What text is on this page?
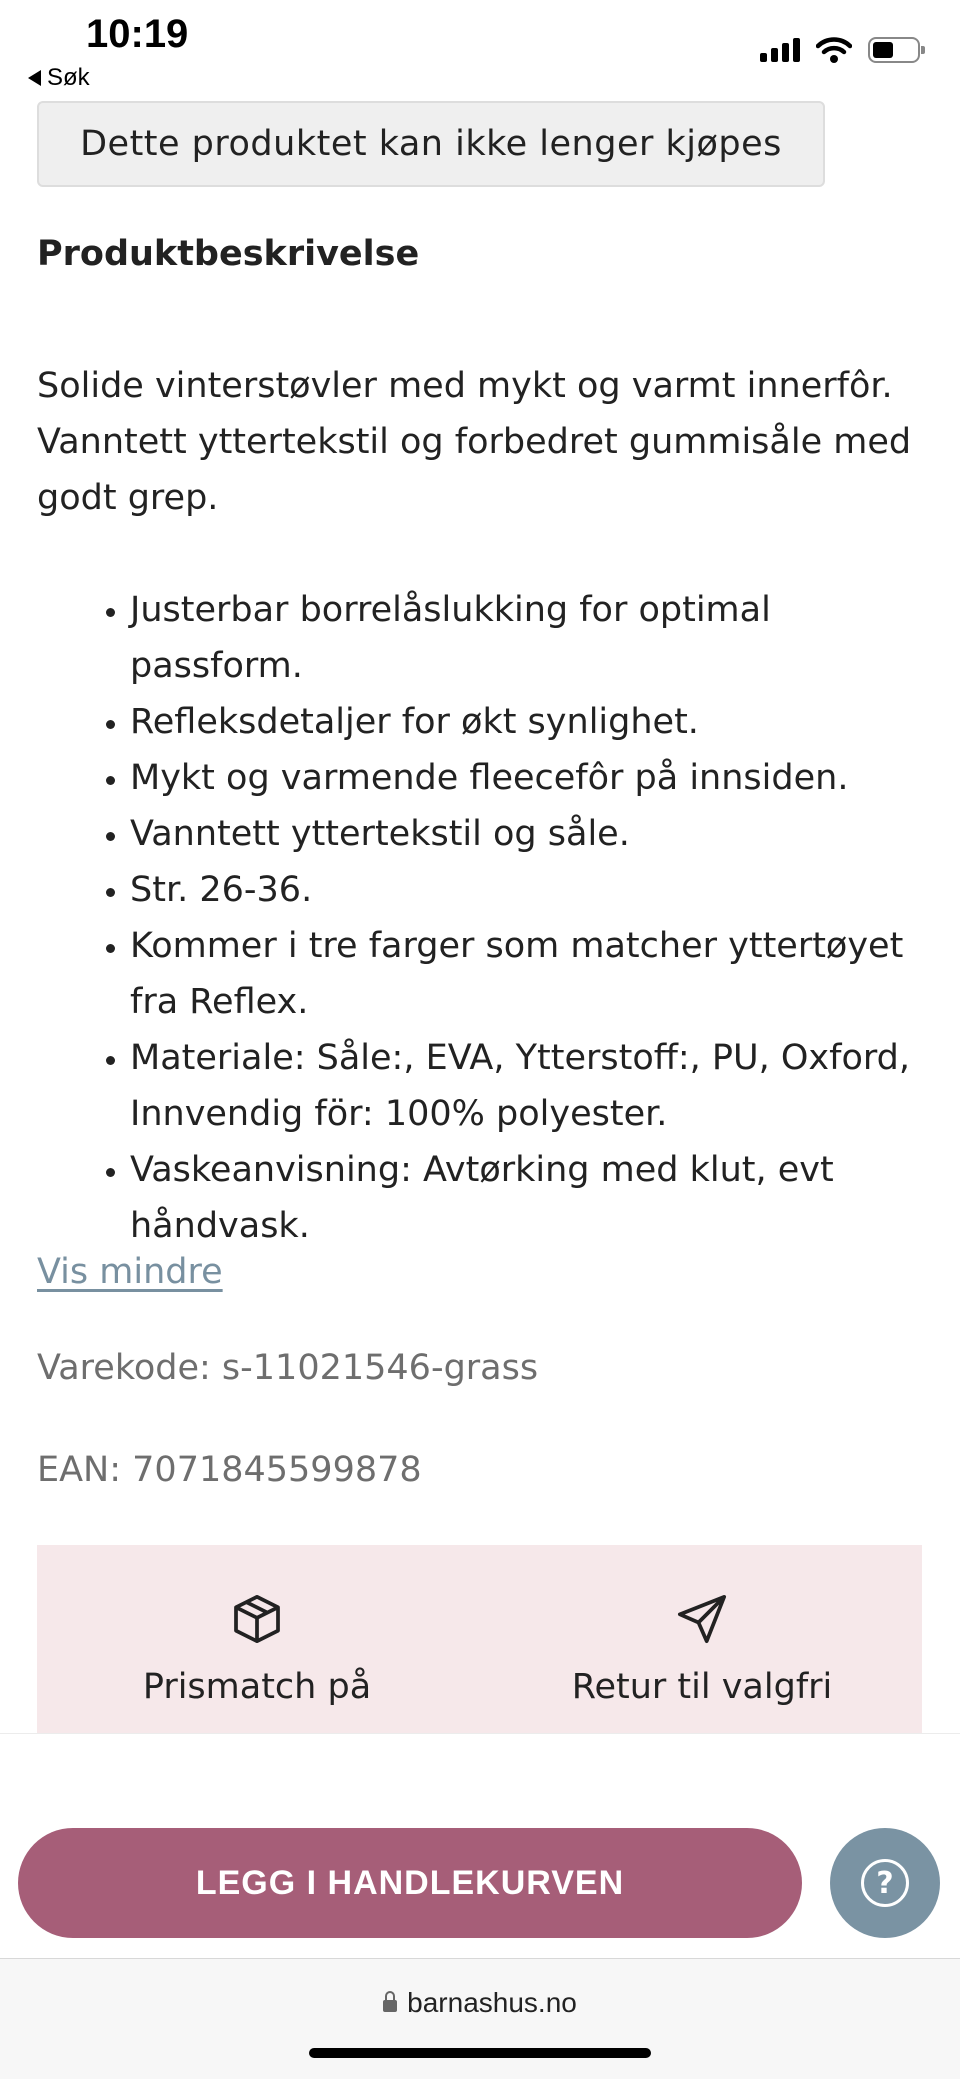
10:19
Søk
Dette produktet kan ikke lenger kjøpes
Produktbeskrivelse
Solide vinterstøvler med mykt og varmt innerfôr. Vanntett yttertekstil og forbedret gummisåle med godt grep.
• Justerbar borrelåslukking for optimal passform.
• Refleksdetaljer for økt synlighet.
• Mykt og varmende fleecefôr på innsiden.
• Vanntett yttertekstil og såle.
• Str. 26-36.
• Kommer i tre farger som matcher yttertøyet fra Reflex.
• Materiale: Såle:, EVA, Ytterstoff:, PU, Oxford, Innvendig för: 100% polyester.
• Vaskeanvisning: Avtørking med klut, evt håndvask.
Vis mindre
Varekode: s-11021546-grass
EAN: 7071845599878
Prismatch på	Retur til valgfri
LEGG I HANDLEKURVEN	?
barnashus.no
